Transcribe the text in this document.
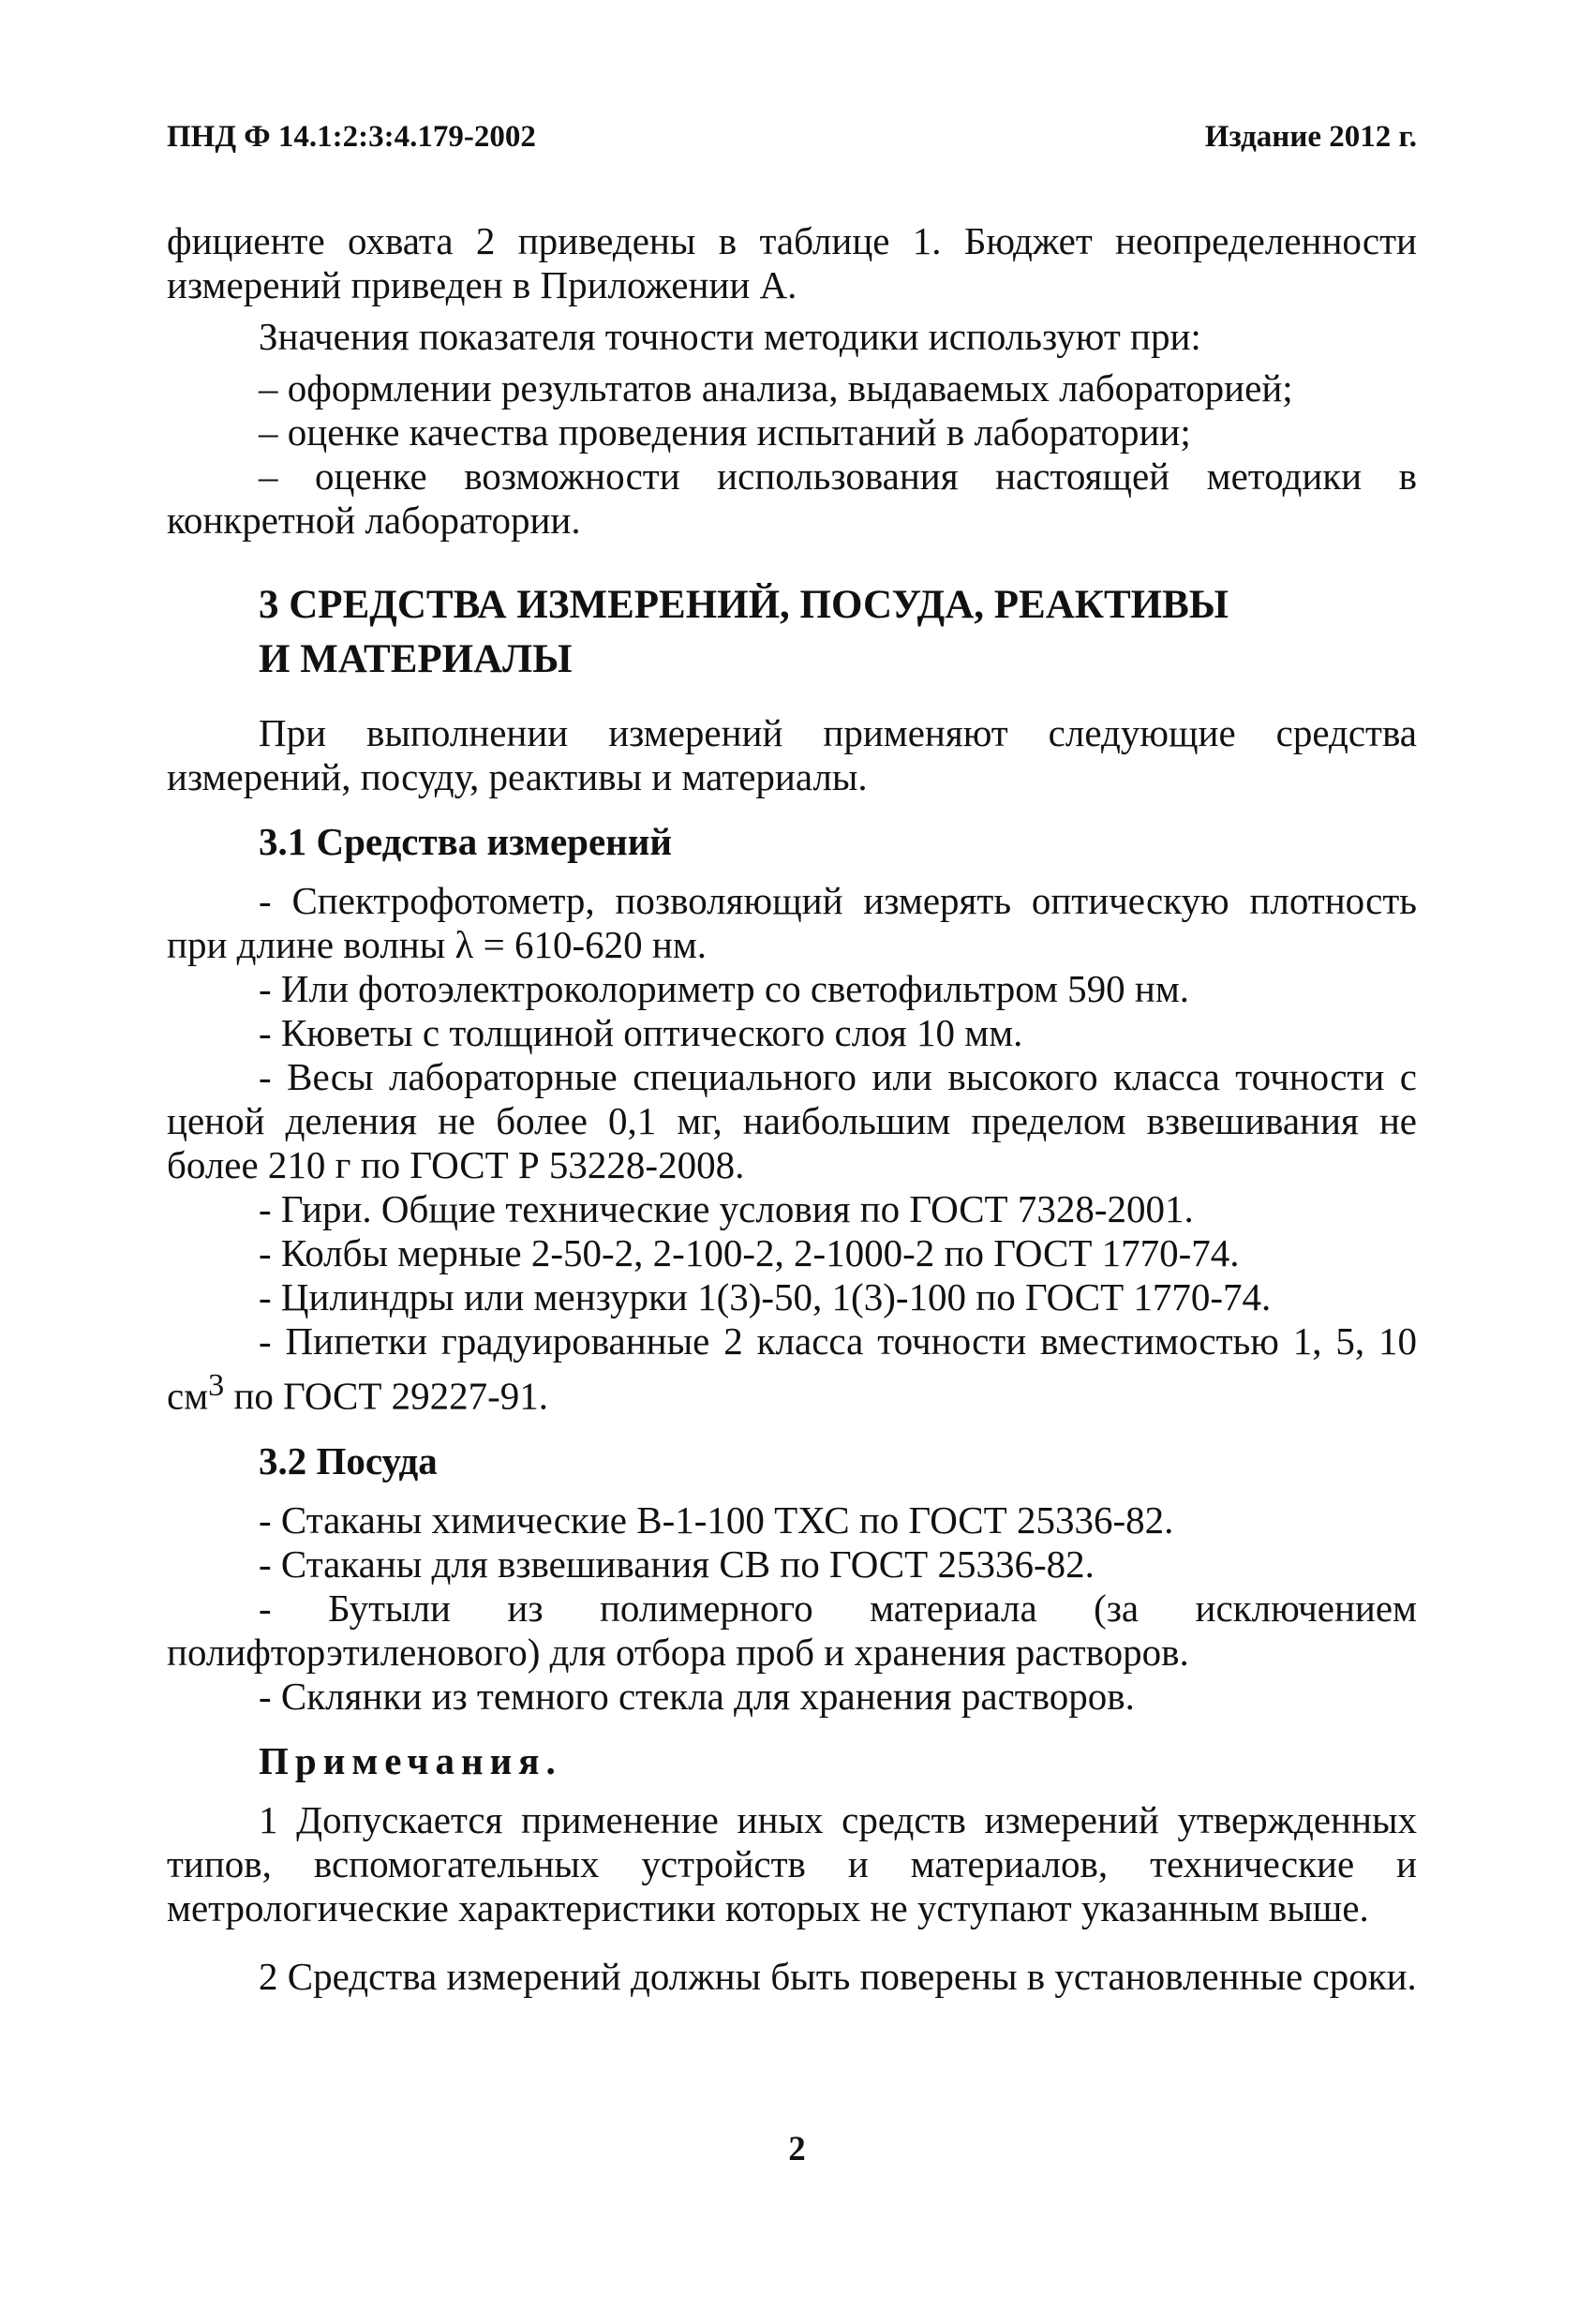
ПНД Ф 14.1:2:3:4.179-2002	Издание 2012 г.

фициенте охвата 2 приведены в таблице 1. Бюджет неопределенности измерений приведен в Приложении А.

Значения показателя точности методики используют при:

– оформлении результатов анализа, выдаваемых лабораторией;

– оценке качества проведения испытаний в лаборатории;

– оценке возможности использования настоящей методики в конкретной лаборатории.

3 СРЕДСТВА ИЗМЕРЕНИЙ, ПОСУДА, РЕАКТИВЫ
И МАТЕРИАЛЫ

При выполнении измерений применяют следующие средства измерений, посуду, реактивы и материалы.

3.1 Средства измерений

- Спектрофотометр, позволяющий измерять оптическую плотность при длине волны λ = 610-620 нм.

- Или фотоэлектроколориметр со светофильтром 590 нм.

- Кюветы с толщиной оптического слоя 10 мм.

- Весы лабораторные специального или высокого класса точности с ценой деления не более 0,1 мг, наибольшим пределом взвешивания не более 210 г по ГОСТ Р 53228-2008.

- Гири. Общие технические условия по ГОСТ 7328-2001.

- Колбы мерные 2-50-2, 2-100-2, 2-1000-2 по ГОСТ 1770-74.

- Цилиндры или мензурки 1(3)-50, 1(3)-100 по ГОСТ 1770-74.

- Пипетки градуированные 2 класса точности вместимостью 1, 5, 10 $см^3$ по ГОСТ 29227-91.

3.2 Посуда

- Стаканы химические В-1-100 ТХС по ГОСТ 25336-82.

- Стаканы для взвешивания СВ по ГОСТ 25336-82.

- Бутыли из полимерного материала (за исключением полифторэтиленового) для отбора проб и хранения растворов.

- Склянки из темного стекла для хранения растворов.

Примечания.

1 Допускается применение иных средств измерений утвержденных типов, вспомогательных устройств и материалов, технические и метрологические характеристики которых не уступают указанным выше.

2 Средства измерений должны быть поверены в установленные сроки.

2
